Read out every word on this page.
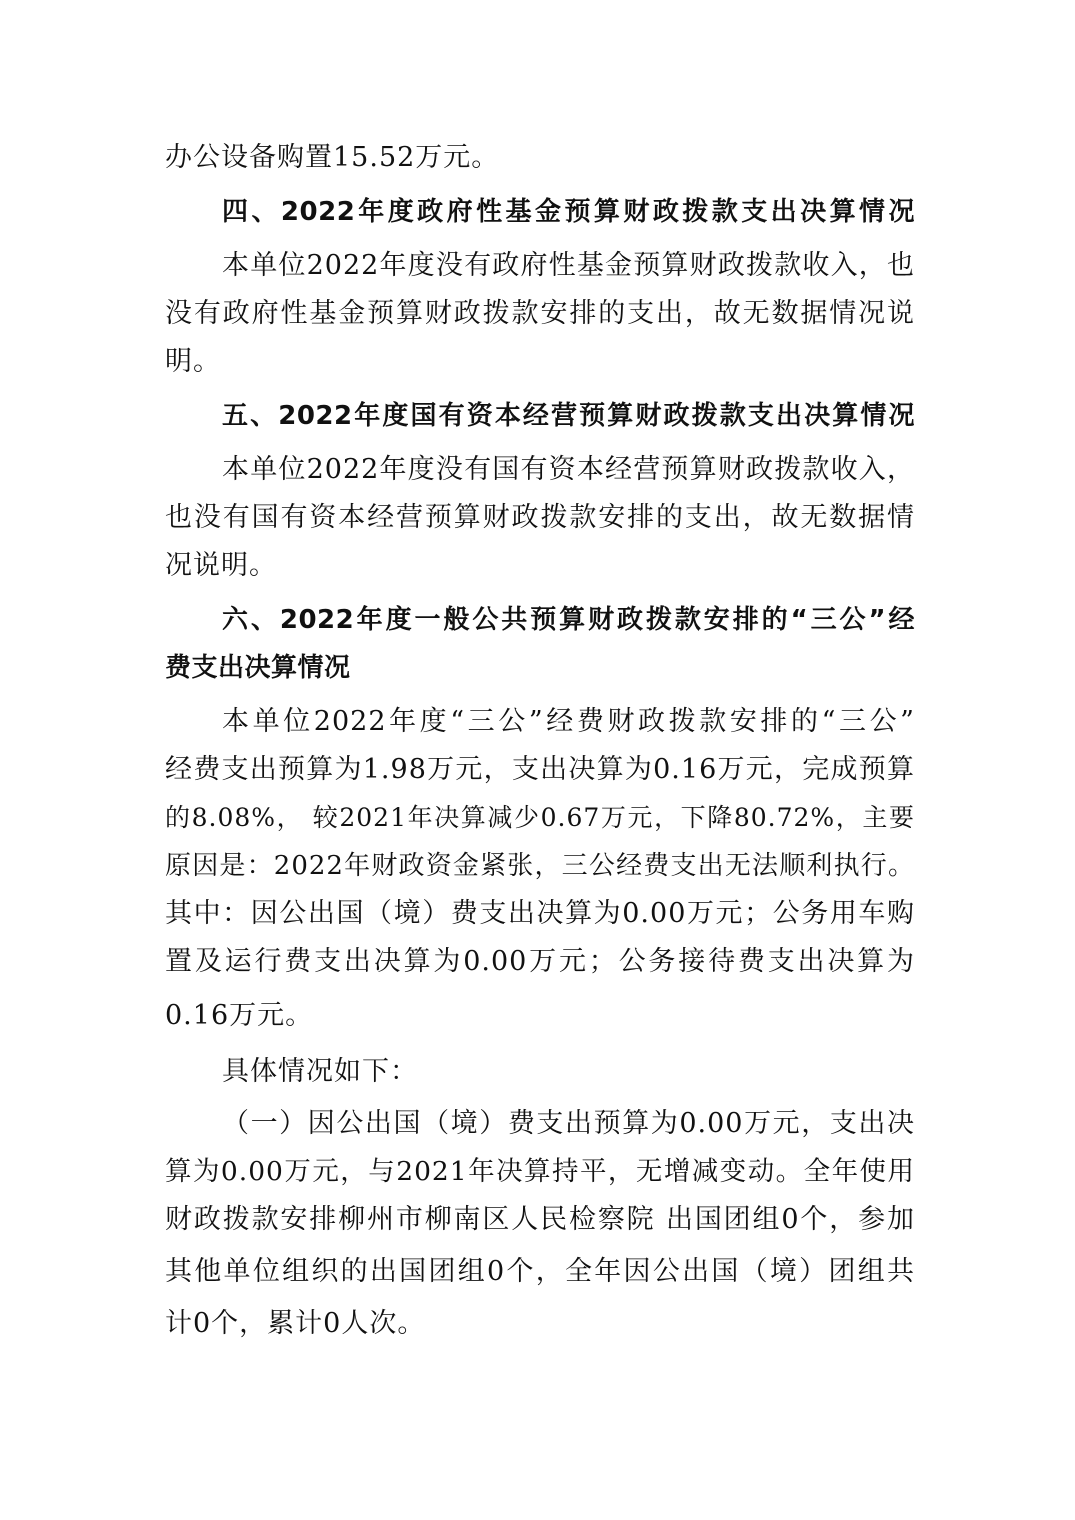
办公设备购置15.52万元。
四、2022年度政府性基金预算财政拨款支出决算情况
本单位2022年度没有政府性基金预算财政拨款收入，也
没有政府性基金预算财政拨款安排的支出，故无数据情况说
明。
五、2022年度国有资本经营预算财政拨款支出决算情况
本单位2022年度没有国有资本经营预算财政拨款收入，
也没有国有资本经营预算财政拨款安排的支出，故无数据情
况说明。
六、2022年度一般公共预算财政拨款安排的“三公”经
费支出决算情况
本单位2022年度“三公”经费财政拨款安排的“三公”
经费支出预算为1.98万元，支出决算为0.16万元，完成预算
的8.08%， 较2021年决算减少0.67万元，下降80.72%，主要
原因是：2022年财政资金紧张，三公经费支出无法顺利执行。
其中：因公出国（境）费支出决算为0.00万元；公务用车购
置及运行费支出决算为0.00万元；公务接待费支出决算为
0.16万元。
具体情况如下：
（一）因公出国（境）费支出预算为0.00万元，支出决
算为0.00万元，与2021年决算持平，无增减变动。全年使用
财政拨款安排柳州市柳南区人民检察院 出国团组0个，参加
其他单位组织的出国团组0个，全年因公出国（境）团组共
计0个，累计0人次。
